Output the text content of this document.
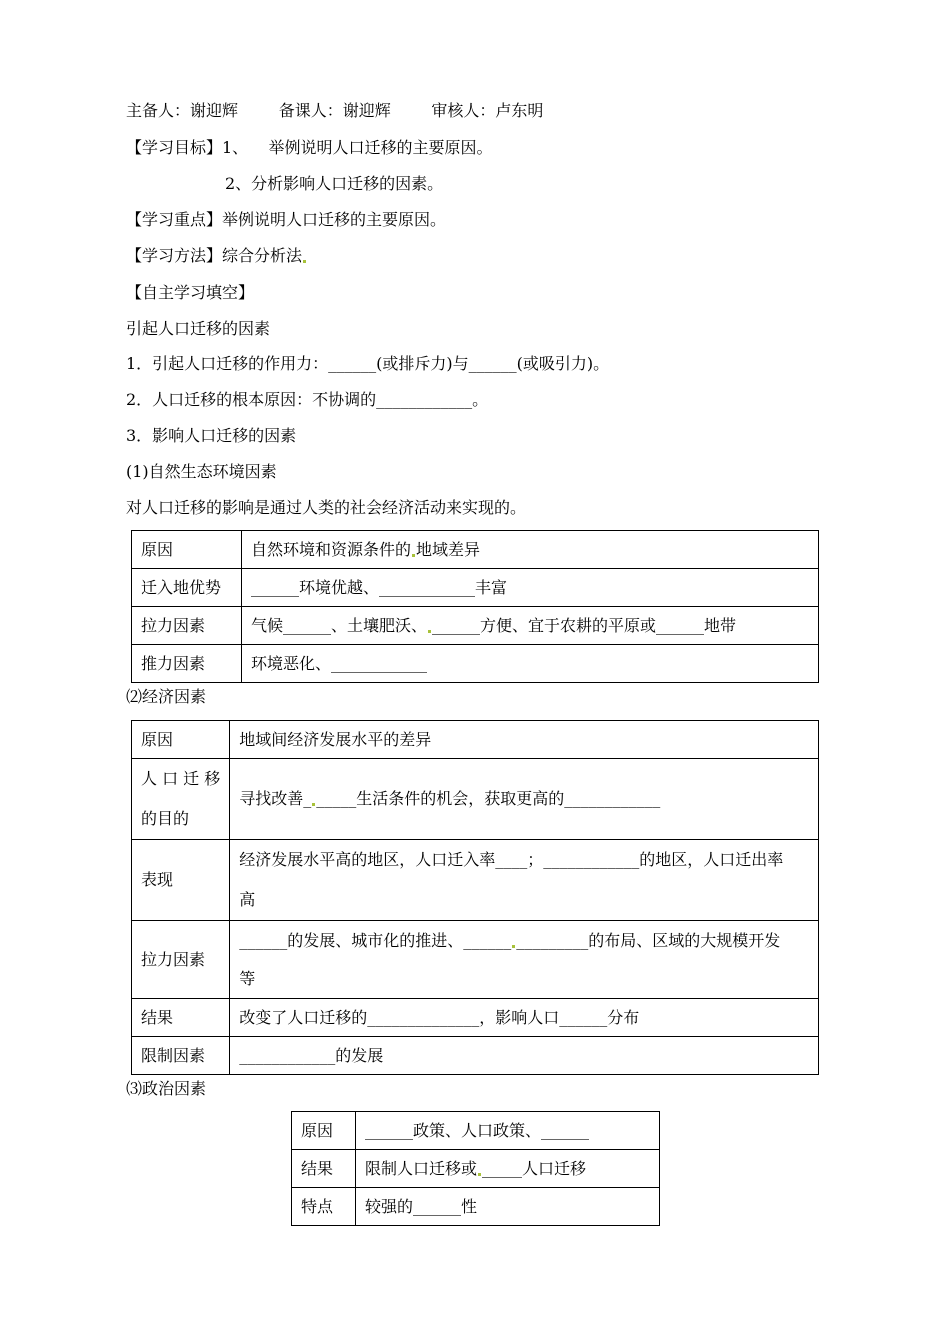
主备人：谢迎辉        备课人：谢迎辉        审核人：卢东明
【学习目标】1、    举例说明人口迁移的主要原因。
2、分析影响人口迁移的因素。
【学习重点】举例说明人口迁移的主要原因。
【学习方法】综合分析法
【自主学习填空】
引起人口迁移的因素
1．引起人口迁移的作用力：______(或排斥力)与______(或吸引力)。
2．人口迁移的根本原因：不协调的____________。
3．影响人口迁移的因素
(1)自然生态环境因素
对人口迁移的影响是通过人类的社会经济活动来实现的。
原因	自然环境和资源条件的 地域差异
迁入地优势	______环境优越、____________丰富
拉力因素	气候______、土壤肥沃、 ______方便、宜于农耕的平原或______地带
推力因素	环境恶化、____________
⑵经济因素
原因	地域间经济发展水平的差异

人 口 迁 移
的目的	寻找改善_ _____生活条件的机会，获取更高的____________
表现	经济发展水平高的地区，人口迁入率____；____________的地区，人口迁出率
高

拉力因素	______的发展、城市化的推进、______ _________的布局、区域的大规模开发
等

结果	改变了人口迁移的______________，影响人口______分布
限制因素	____________的发展
⑶政治因素
原因	______政策、人口政策、______
结果	限制人口迁移或 _____人口迁移
特点	较强的______性
